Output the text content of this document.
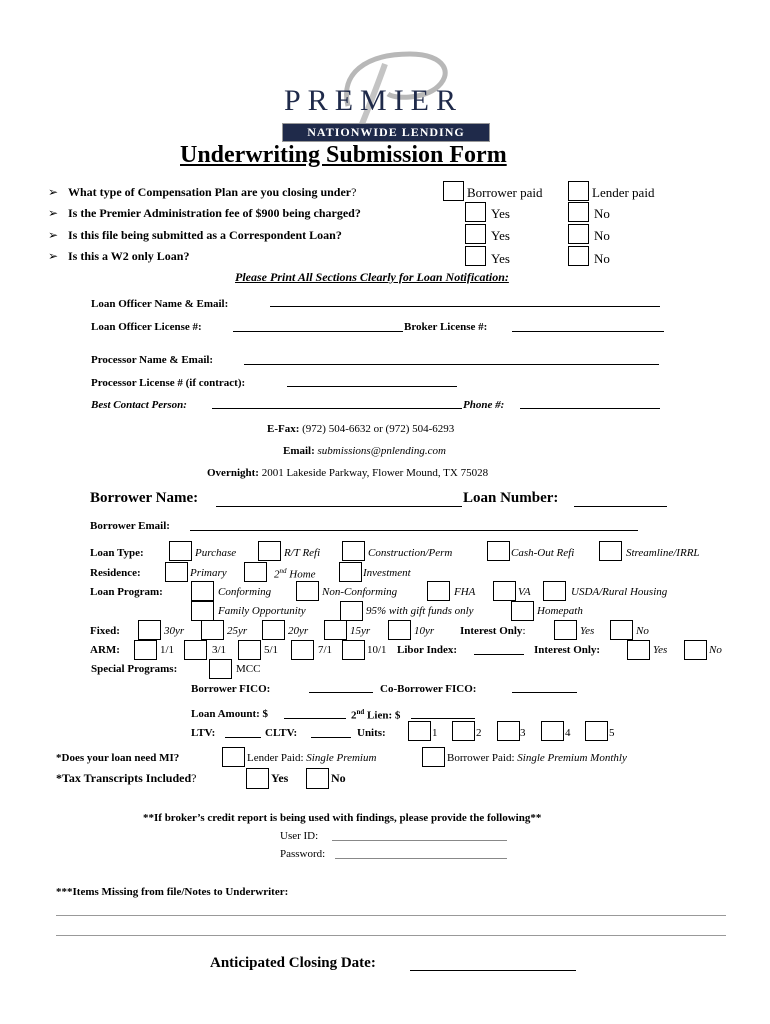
PREMIER
NATIONWIDE LENDING
Underwriting Submission Form
➢ What type of Compensation Plan are you closing under?	Borrower paid	Lender paid
➢ Is the Premier Administration fee of $900 being charged?	Yes	No
➢ Is this file being submitted as a Correspondent Loan?	Yes	No
➢ Is this a W2 only Loan?	Yes	No
Please Print All Sections Clearly for Loan Notification:
Loan Officer Name & Email:
Loan Officer License #:	Broker License #:
Processor Name & Email:
Processor License # (if contract):
Best Contact Person:	Phone #:
E-Fax: (972) 504-6632 or (972) 504-6293
Email: submissions@pnlending.com
Overnight: 2001 Lakeside Parkway, Flower Mound, TX 75028
Borrower Name:	Loan Number:
Borrower Email:
Loan Type:	Purchase	R/T Refi	Construction/Perm	Cash-Out Refi	Streamline/IRRL
Residence:	Primary	2nd Home	Investment
Loan Program:	Conforming	Non-Conforming	FHA	VA	USDA/Rural Housing
Family Opportunity	95% with gift funds only	Homepath
Fixed:	30yr	25yr	20yr	15yr	10yr Interest Only:	Yes	No
ARM:	1/1	3/1	5/1	7/1	10/1 Libor Index:	Interest Only:	Yes	No
Special Programs:	MCC
Borrower FICO:	Co-Borrower FICO:
Loan Amount: $	2nd Lien: $
LTV:	CLTV:	Units:	1	2	3	4	5
*Does your loan need MI?	Lender Paid: Single Premium	Borrower Paid: Single Premium Monthly
*Tax Transcripts Included?	Yes	No
**If broker’s credit report is being used with findings, please provide the following**
User ID:
Password:
***Items Missing from file/Notes to Underwriter:
Anticipated Closing Date:
